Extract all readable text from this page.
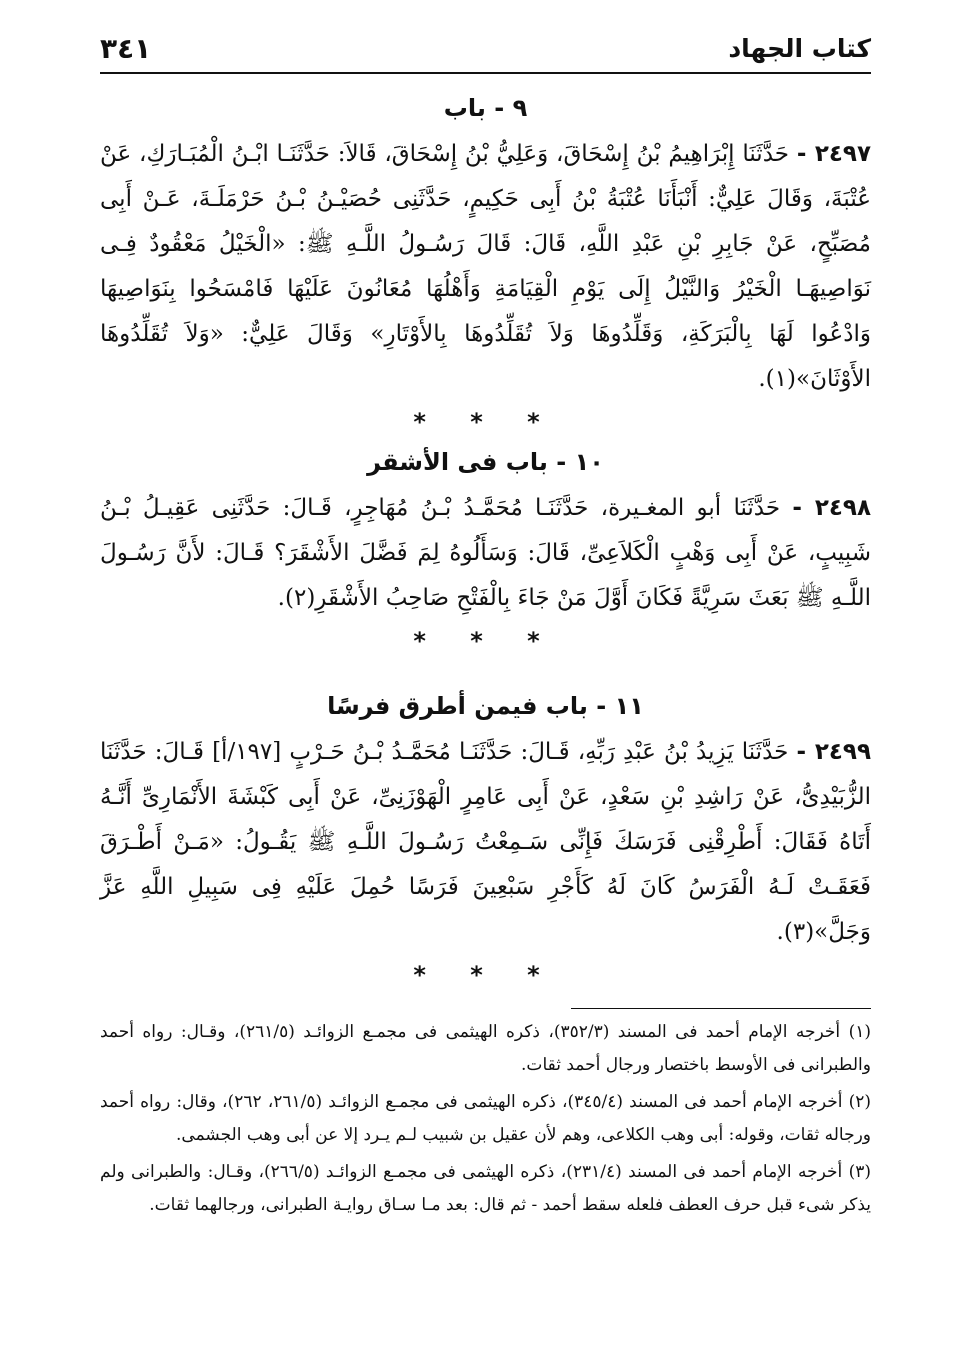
كتاب الجهاد
٣٤١
٩ - باب

٢٤٩٧ - حَدَّثَنَا إِبْرَاهِيمُ بْنُ إِسْحَاقَ، وَعَلِيُّ بْنُ إِسْحَاقَ، قَالاَ: حَدَّثَنَـا ابْـنُ الْمُبَـارَكِ، عَنْ عُتْبَةَ، وَقَالَ عَلِيٌّ: أَنْبَأَنَا عُتْبَةُ بْنُ أَبِى حَكِيمٍ، حَدَّثَنِى حُصَيْـنُ بْـنُ حَرْمَلَـةَ، عَـنْ أَبِى مُصَبِّحٍ، عَنْ جَابِرِ بْنِ عَبْدِ اللَّهِ، قَالَ: قَالَ رَسُـولُ اللَّـهِ ﷺ: «الْخَيْلُ مَعْقُودٌ فِـى نَوَاصِيهَـا الْخَيْرُ وَالنَّيْلُ إِلَى يَوْمِ الْقِيَامَةِ وَأَهْلُهَا مُعَانُونَ عَلَيْهَا فَامْسَحُوا بِنَوَاصِيهَا وَادْعُوا لَهَا بِالْبَرَكَةِ، وَقَلِّدُوهَا وَلاَ تُقَلِّدُوهَا بِالأَوْتَارِ» وَقَالَ عَلِيٌّ: «وَلاَ تُقَلِّدُوهَا الأَوْثَانَ»(١).

* * *
١٠ - باب فى الأشقر

٢٤٩٨ - حَدَّثَنَا أبو المغـيرة، حَدَّثَنَـا مُحَمَّـدُ بْـنُ مُهَاجِرٍ، قَـالَ: حَدَّثَنِى عَقِيـلُ بْـنُ شَبِيبٍ، عَنْ أَبِى وَهْبٍ الْكَلاَعِىِّ، قَالَ: وَسَأَلُوهُ لِمَ فَضَّلَ الأَشْقَرَ؟ قَـالَ: لأَنَّ رَسُـولَ اللَّـهِ ﷺ بَعَثَ سَرِيَّةً فَكَانَ أَوَّلَ مَنْ جَاءَ بِالْفَتْحِ صَاحِبُ الأَشْقَرِ(٢).

* * *
١١ - باب فيمن أطرق فرسًا

٢٤٩٩ - حَدَّثَنَا يَزِيدُ بْنُ عَبْدِ رَبِّهِ، قَـالَ: حَدَّثَنَـا مُحَمَّـدُ بْـنُ حَـرْبٍ [١٩٧/أ] قَـالَ: حَدَّثَنَا الزُّبَيْدِىُّ، عَنْ رَاشِدِ بْنِ سَعْدٍ، عَنْ أَبِى عَامِرٍ الْهَوْزَنِىِّ، عَنْ أَبِى كَبْشَةَ الأَنْمَارِىِّ أَنَّـهُ أَتَاهُ فَقَالَ: أَطْرِقْنِى فَرَسَكَ فَإِنِّى سَـمِعْتُ رَسُـولَ اللَّـهِ ﷺ يَقُـولُ: «مَـنْ أَطْـرَقَ فَعَقَـتْ لَـهُ الْفَرَسُ كَانَ لَهُ كَأَجْرِ سَبْعِينَ فَرَسًا حُمِلَ عَلَيْهِ فِى سَبِيلِ اللَّهِ عَزَّ وَجَلَّ»(٣).

* * *

(١) أخرجه الإمام أحمد فى المسند (٣٥٢/٣)، ذكره الهيثمى فى مجمـع الزوائـد (٢٦١/٥)، وقـال: رواه أحمد والطبرانى فى الأوسط باختصار ورجال أحمد ثقات.

(٢) أخرجه الإمام أحمد فى المسند (٣٤٥/٤)، ذكره الهيثمى فى مجمـع الزوائـد (٢٦١/٥، ٢٦٢)، وقال: رواه أحمد ورجاله ثقات، وقوله: أبى وهب الكلاعى، وهم لأن عقيل بن شبيب لـم يـرد إلا عن أبى وهب الجشمى.

(٣) أخرجه الإمام أحمد فى المسند (٢٣١/٤)، ذكره الهيثمى فى مجمـع الزوائـد (٢٦٦/٥)، وقـال: والطبرانى ولم يذكر شىء قبل حرف العطف فلعله سقط أحمد - ثم قال: بعد مـا سـاق روايـة الطبرانى، ورجالهما ثقات.
